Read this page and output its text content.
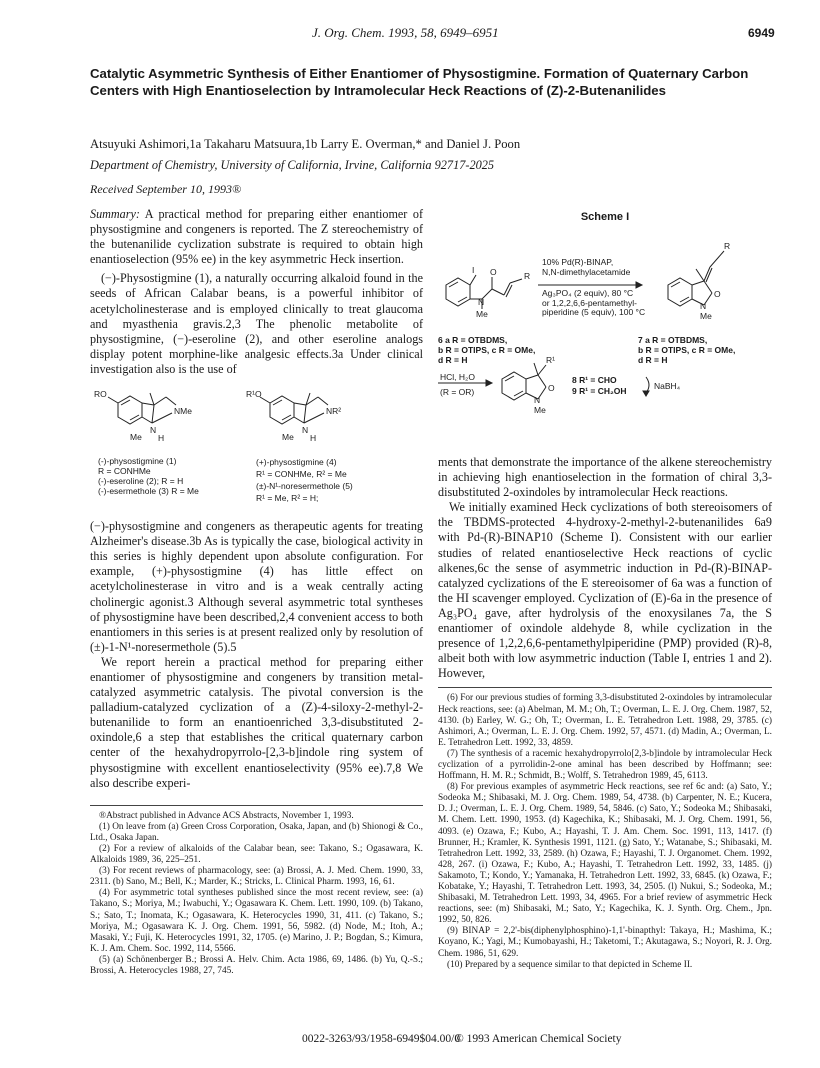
J. Org. Chem. 1993, 58, 6949–6951	6949
Catalytic Asymmetric Synthesis of Either Enantiomer of Physostigmine. Formation of Quaternary Carbon Centers with High Enantioselection by Intramolecular Heck Reactions of (Z)-2-Butenanilides
Atsuyuki Ashimori,1a Takaharu Matsuura,1b Larry E. Overman,* and Daniel J. Poon
Department of Chemistry, University of California, Irvine, California 92717-2025
Received September 10, 1993®
Summary: A practical method for preparing either enantiomer of physostigmine and congeners is reported. The Z stereochemistry of the butenanilide cyclization substrate is required to obtain high enantioselection (95% ee) in the key asymmetric Heck insertion.
(−)-Physostigmine (1), a naturally occurring alkaloid found in the seeds of African Calabar beans, is a powerful inhibitor of acetylcholinesterase and is employed clinically to treat glaucoma and myasthenia gravis.2,3 The phenolic metabolite of physostigmine, (−)-eseroline (2), and other eseroline analogs display potent morphine-like analgesic effects.3a Under clinical investigation also is the use of
RO
NMe
N
H
Me
R¹O
NR²
N
H
Me
(-)-physostigmine (1)
R = CONHMe
(-)-eseroline (2); R = H
(-)-esermethole (3) R = Me
(+)-physostigmine (4)
R¹ = CONHMe, R² = Me
(±)-N¹-noresermethole (5)
R¹ = Me, R² = H;
(−)-physostigmine and congeners as therapeutic agents for treating Alzheimer's disease.3b As is typically the case, biological activity in this series is highly dependent upon absolute configuration. For example, (+)-physostigmine (4) has little effect on acetylcholinesterase in vitro and is a weak centrally acting cholinergic agonist.3 Although several asymmetric total syntheses of physostigmine have been described,2,4 convenient access to both enantiomers in this series is at present realized only by resolution of (±)-1-N¹-noresermethole (5).5
We report herein a practical method for preparing either enantiomer of physostigmine and congeners by transition metal-catalyzed asymmetric catalysis. The pivotal conversion is the palladium-catalyzed cyclization of a (Z)-4-siloxy-2-methyl-2-butenanilide to form an enantioenriched 3,3-disubstituted 2-oxindole,6 a step that establishes the critical quaternary carbon center of the hexahydropyrrolo-[2,3-b]indole ring system of physostigmine with excellent enantioselectivity (95% ee).7,8 We also describe experi-
®Abstract published in Advance ACS Abstracts, November 1, 1993.
(1) On leave from (a) Green Cross Corporation, Osaka, Japan, and (b) Shionogi & Co., Ltd., Osaka Japan.
(2) For a review of alkaloids of the Calabar bean, see: Takano, S.; Ogasawara, K. Alkaloids 1989, 36, 225–251.
(3) For recent reviews of pharmacology, see: (a) Brossi, A. J. Med. Chem. 1990, 33, 2311. (b) Sano, M.; Bell, K.; Marder, K.; Stricks, L. Clinical Pharm. 1993, 16, 61.
(4) For asymmetric total syntheses published since the most recent review, see: (a) Takano, S.; Moriya, M.; Iwabuchi, Y.; Ogasawara K. Chem. Lett. 1990, 109. (b) Takano, S.; Sato, T.; Inomata, K.; Ogasawara, K. Heterocycles 1990, 31, 411. (c) Takano, S.; Moriya, M.; Ogasawara K. J. Org. Chem. 1991, 56, 5982. (d) Node, M.; Itoh, A.; Masaki, Y.; Fuji, K. Heterocycles 1991, 32, 1705. (e) Marino, J. P.; Bogdan, S.; Kimura, K. J. Am. Chem. Soc. 1992, 114, 5566.
(5) (a) Schönenberger B.; Brossi A. Helv. Chim. Acta 1986, 69, 1486. (b) Yu, Q.-S.; Brossi, A. Heterocycles 1988, 27, 745.
Scheme I
I O	R
N
Me
R
O
N
Me
O
N
Me
R¹
10% Pd(R)-BINAP,
N,N-dimethylacetamide
Ag₃PO₄ (2 equiv), 80 °C
or 1,2,2,6,6-pentamethyl-
piperidine (5 equiv), 100 °C
6 a R = OTBDMS,
b R = OTIPS, c R = OMe,
d R = H
7 a R = OTBDMS,
b R = OTIPS, c R = OMe,
d R = H
HCl, H₂O
(R = OR)
8 R¹ = CHO
9 R¹ = CH₂OH	NaBH₄
ments that demonstrate the importance of the alkene stereochemistry in achieving high enantioselection in the formation of chiral 3,3-disubstituted 2-oxindoles by intramolecular Heck reactions.
We initially examined Heck cyclizations of both stereoisomers of the TBDMS-protected 4-hydroxy-2-methyl-2-butenanilides 6a9 with Pd-(R)-BINAP10 (Scheme I). Consistent with our earlier studies of related enantioselective Heck reactions of cyclic alkenes,6c the sense of asymmetric induction in Pd-(R)-BINAP-catalyzed cyclizations of the E stereoisomer of 6a was a function of the HI scavenger employed. Cyclization of (E)-6a in the presence of Ag₃PO₄ gave, after hydrolysis of the enoxysilanes 7a, the S enantiomer of oxindole aldehyde 8, while cyclization in the presence of 1,2,2,6,6-pentamethylpiperidine (PMP) provided (R)-8, albeit both with low asymmetric induction (Table I, entries 1 and 2). However,
(6) For our previous studies of forming 3,3-disubstituted 2-oxindoles by intramolecular Heck reactions, see: (a) Abelman, M. M.; Oh, T.; Overman, L. E. J. Org. Chem. 1987, 52, 4130. (b) Earley, W. G.; Oh, T.; Overman, L. E. Tetrahedron Lett. 1988, 29, 3785. (c) Ashimori, A.; Overman, L. E. J. Org. Chem. 1992, 57, 4571. (d) Madin, A.; Overman, L. E. Tetrahedron Lett. 1992, 33, 4859.
(7) The synthesis of a racemic hexahydropyrrolo[2,3-b]indole by intramolecular Heck cyclization of a pyrrolidin-2-one aminal has been described by Hoffmann; see: Hoffmann, H. M. R.; Schmidt, B.; Wolff, S. Tetrahedron 1989, 45, 6113.
(8) For previous examples of asymmetric Heck reactions, see ref 6c and: (a) Sato, Y.; Sodeoka M.; Shibasaki, M. J. Org. Chem. 1989, 54, 4738. (b) Carpenter, N. E.; Kucera, D. J.; Overman, L. E. J. Org. Chem. 1989, 54, 5846. (c) Sato, Y.; Sodeoka M.; Shibasaki, M. Chem. Lett. 1990, 1953. (d) Kagechika, K.; Shibasaki, M. J. Org. Chem. 1991, 56, 4093. (e) Ozawa, F.; Kubo, A.; Hayashi, T. J. Am. Chem. Soc. 1991, 113, 1417. (f) Brunner, H.; Kramler, K. Synthesis 1991, 1121. (g) Sato, Y.; Watanabe, S.; Shibasaki, M. Tetrahedron Lett. 1992, 33, 2589. (h) Ozawa, F.; Hayashi, T. J. Organomet. Chem. 1992, 428, 267. (i) Ozawa, F.; Kubo, A.; Hayashi, T. Tetrahedron Lett. 1992, 33, 1485. (j) Sakamoto, T.; Kondo, Y.; Yamanaka, H. Tetrahedron Lett. 1992, 33, 6845. (k) Ozawa, F.; Kobatake, Y.; Hayashi, T. Tetrahedron Lett. 1993, 34, 2505. (l) Nukui, S.; Sodeoka, M.; Shibasaki, M. Tetrahedron Lett. 1993, 34, 4965. For a brief review of asymmetric Heck reactions, see: (m) Shibasaki, M.; Sato, Y.; Kagechika, K. J. Synth. Org. Chem., Jpn. 1992, 50, 826.
(9) BINAP = 2,2'-bis(diphenylphosphino)-1,1'-binapthyl: Takaya, H.; Mashima, K.; Koyano, K.; Yagi, M.; Kumobayashi, H.; Taketomi, T.; Akutagawa, S.; Noyori, R. J. Org. Chem. 1986, 51, 629.
(10) Prepared by a sequence similar to that depicted in Scheme II.
0022-3263/93/1958-6949$04.00/0
© 1993 American Chemical Society
